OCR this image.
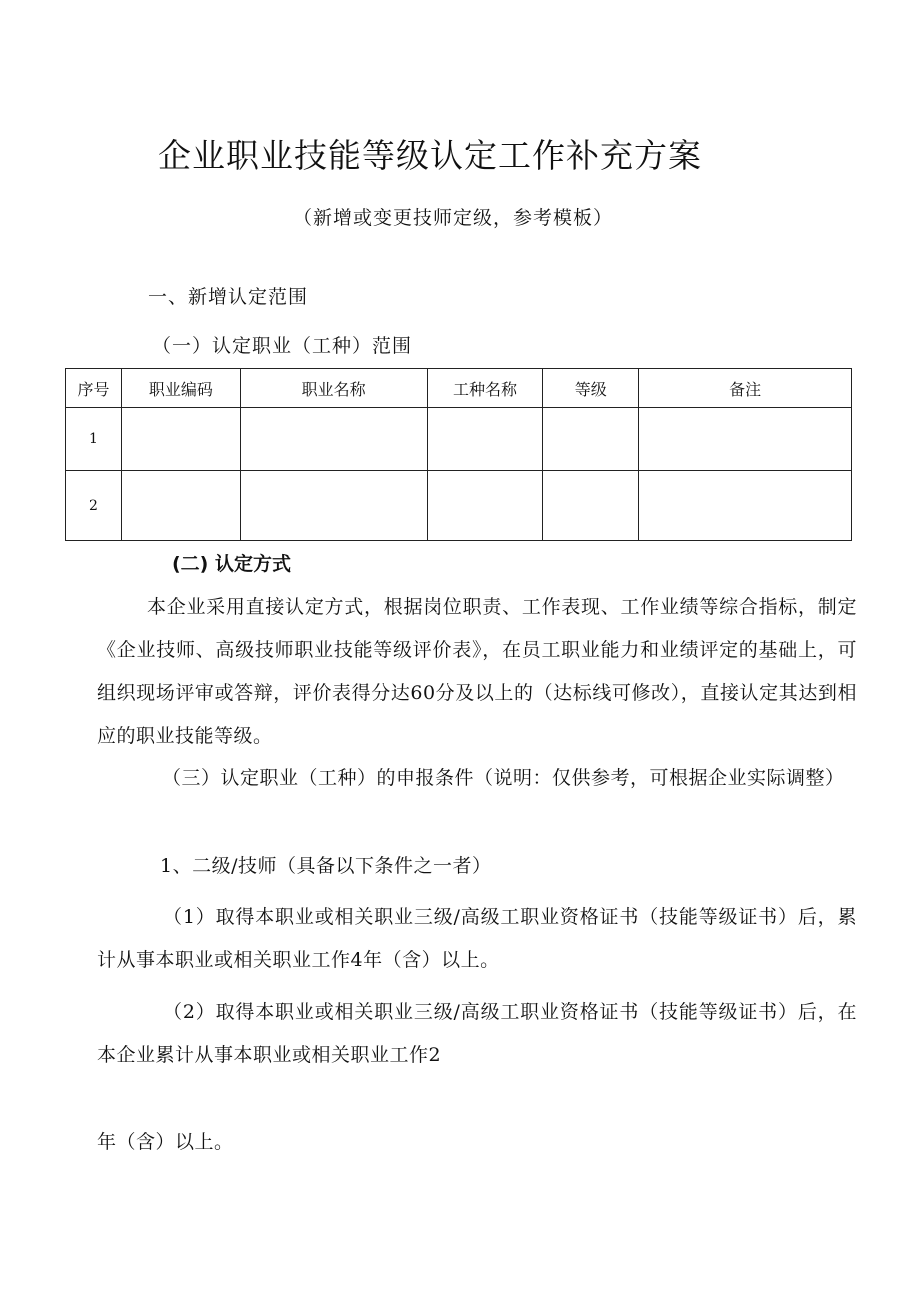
企业职业技能等级认定工作补充方案
（新增或变更技师定级，参考模板）
一、新增认定范围
（一）认定职业（工种）范围
序号	职业编码	职业名称	工种名称	等级	备注
1					
2					
(二) 认定方式
本企业采用直接认定方式，根据岗位职责、工作表现、工作业绩等综合指标，制定《企业技师、高级技师职业技能等级评价表》，在员工职业能力和业绩评定的基础上，可组织现场评审或答辩，评价表得分达60分及以上的（达标线可修改），直接认定其达到相应的职业技能等级。
（三）认定职业（工种）的申报条件（说明：仅供参考，可根据企业实际调整）
1、二级/技师（具备以下条件之一者）
（1）取得本职业或相关职业三级/高级工职业资格证书（技能等级证书）后，累计从事本职业或相关职业工作4年（含）以上。
（2）取得本职业或相关职业三级/高级工职业资格证书（技能等级证书）后，在本企业累计从事本职业或相关职业工作2
年（含）以上。
